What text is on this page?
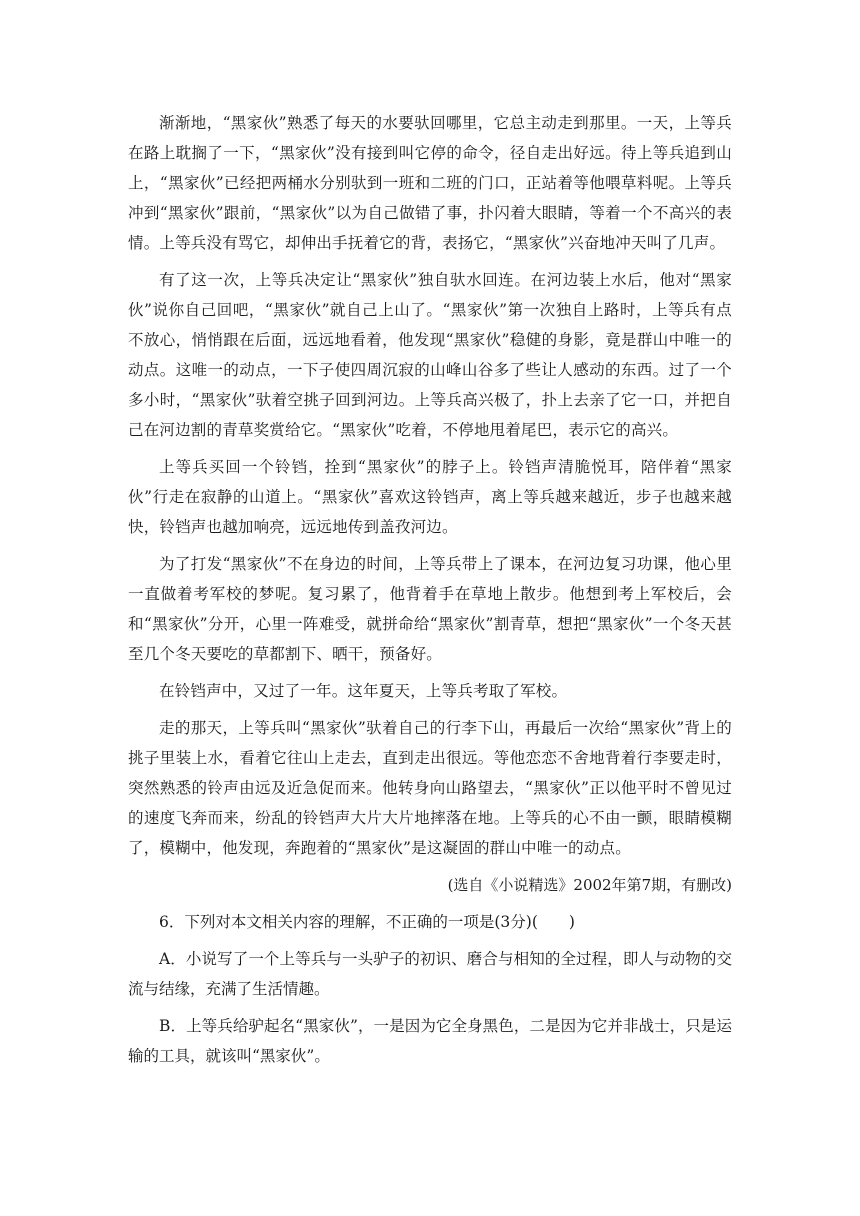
渐渐地，“黑家伙”熟悉了每天的水要驮回哪里，它总主动走到那里。一天，上等兵在路上耽搁了一下，“黑家伙”没有接到叫它停的命令，径自走出好远。待上等兵追到山上，“黑家伙”已经把两桶水分别驮到一班和二班的门口，正站着等他喂草料呢。上等兵冲到“黑家伙”跟前，“黑家伙”以为自己做错了事，扑闪着大眼睛，等着一个不高兴的表情。上等兵没有骂它，却伸出手抚着它的背，表扬它，“黑家伙”兴奋地冲天叫了几声。

有了这一次，上等兵决定让“黑家伙”独自驮水回连。在河边装上水后，他对“黑家伙”说你自己回吧，“黑家伙”就自己上山了。“黑家伙”第一次独自上路时，上等兵有点不放心，悄悄跟在后面，远远地看着，他发现“黑家伙”稳健的身影，竟是群山中唯一的动点。这唯一的动点，一下子使四周沉寂的山峰山谷多了些让人感动的东西。过了一个多小时，“黑家伙”驮着空挑子回到河边。上等兵高兴极了，扑上去亲了它一口，并把自己在河边割的青草奖赏给它。“黑家伙”吃着，不停地甩着尾巴，表示它的高兴。

上等兵买回一个铃铛，拴到“黑家伙”的脖子上。铃铛声清脆悦耳，陪伴着“黑家伙”行走在寂静的山道上。“黑家伙”喜欢这铃铛声，离上等兵越来越近，步子也越来越快，铃铛声也越加响亮，远远地传到盖孜河边。

为了打发“黑家伙”不在身边的时间，上等兵带上了课本，在河边复习功课，他心里一直做着考军校的梦呢。复习累了，他背着手在草地上散步。他想到考上军校后，会和“黑家伙”分开，心里一阵难受，就拼命给“黑家伙”割青草，想把“黑家伙”一个冬天甚至几个冬天要吃的草都割下、晒干，预备好。

在铃铛声中，又过了一年。这年夏天，上等兵考取了军校。

走的那天，上等兵叫“黑家伙”驮着自己的行李下山，再最后一次给“黑家伙”背上的挑子里装上水，看着它往山上走去，直到走出很远。等他恋恋不舍地背着行李要走时，突然熟悉的铃声由远及近急促而来。他转身向山路望去，“黑家伙”正以他平时不曾见过的速度飞奔而来，纷乱的铃铛声大片大片地摔落在地。上等兵的心不由一颤，眼睛模糊了，模糊中，他发现，奔跑着的“黑家伙”是这凝固的群山中唯一的动点。

(选自《小说精选》2002年第7期，有删改)

6．下列对本文相关内容的理解，不正确的一项是(3分)(　　)

A．小说写了一个上等兵与一头驴子的初识、磨合与相知的全过程，即人与动物的交流与结缘，充满了生活情趣。

B．上等兵给驴起名“黑家伙”，一是因为它全身黑色，二是因为它并非战士，只是运输的工具，就该叫“黑家伙”。
